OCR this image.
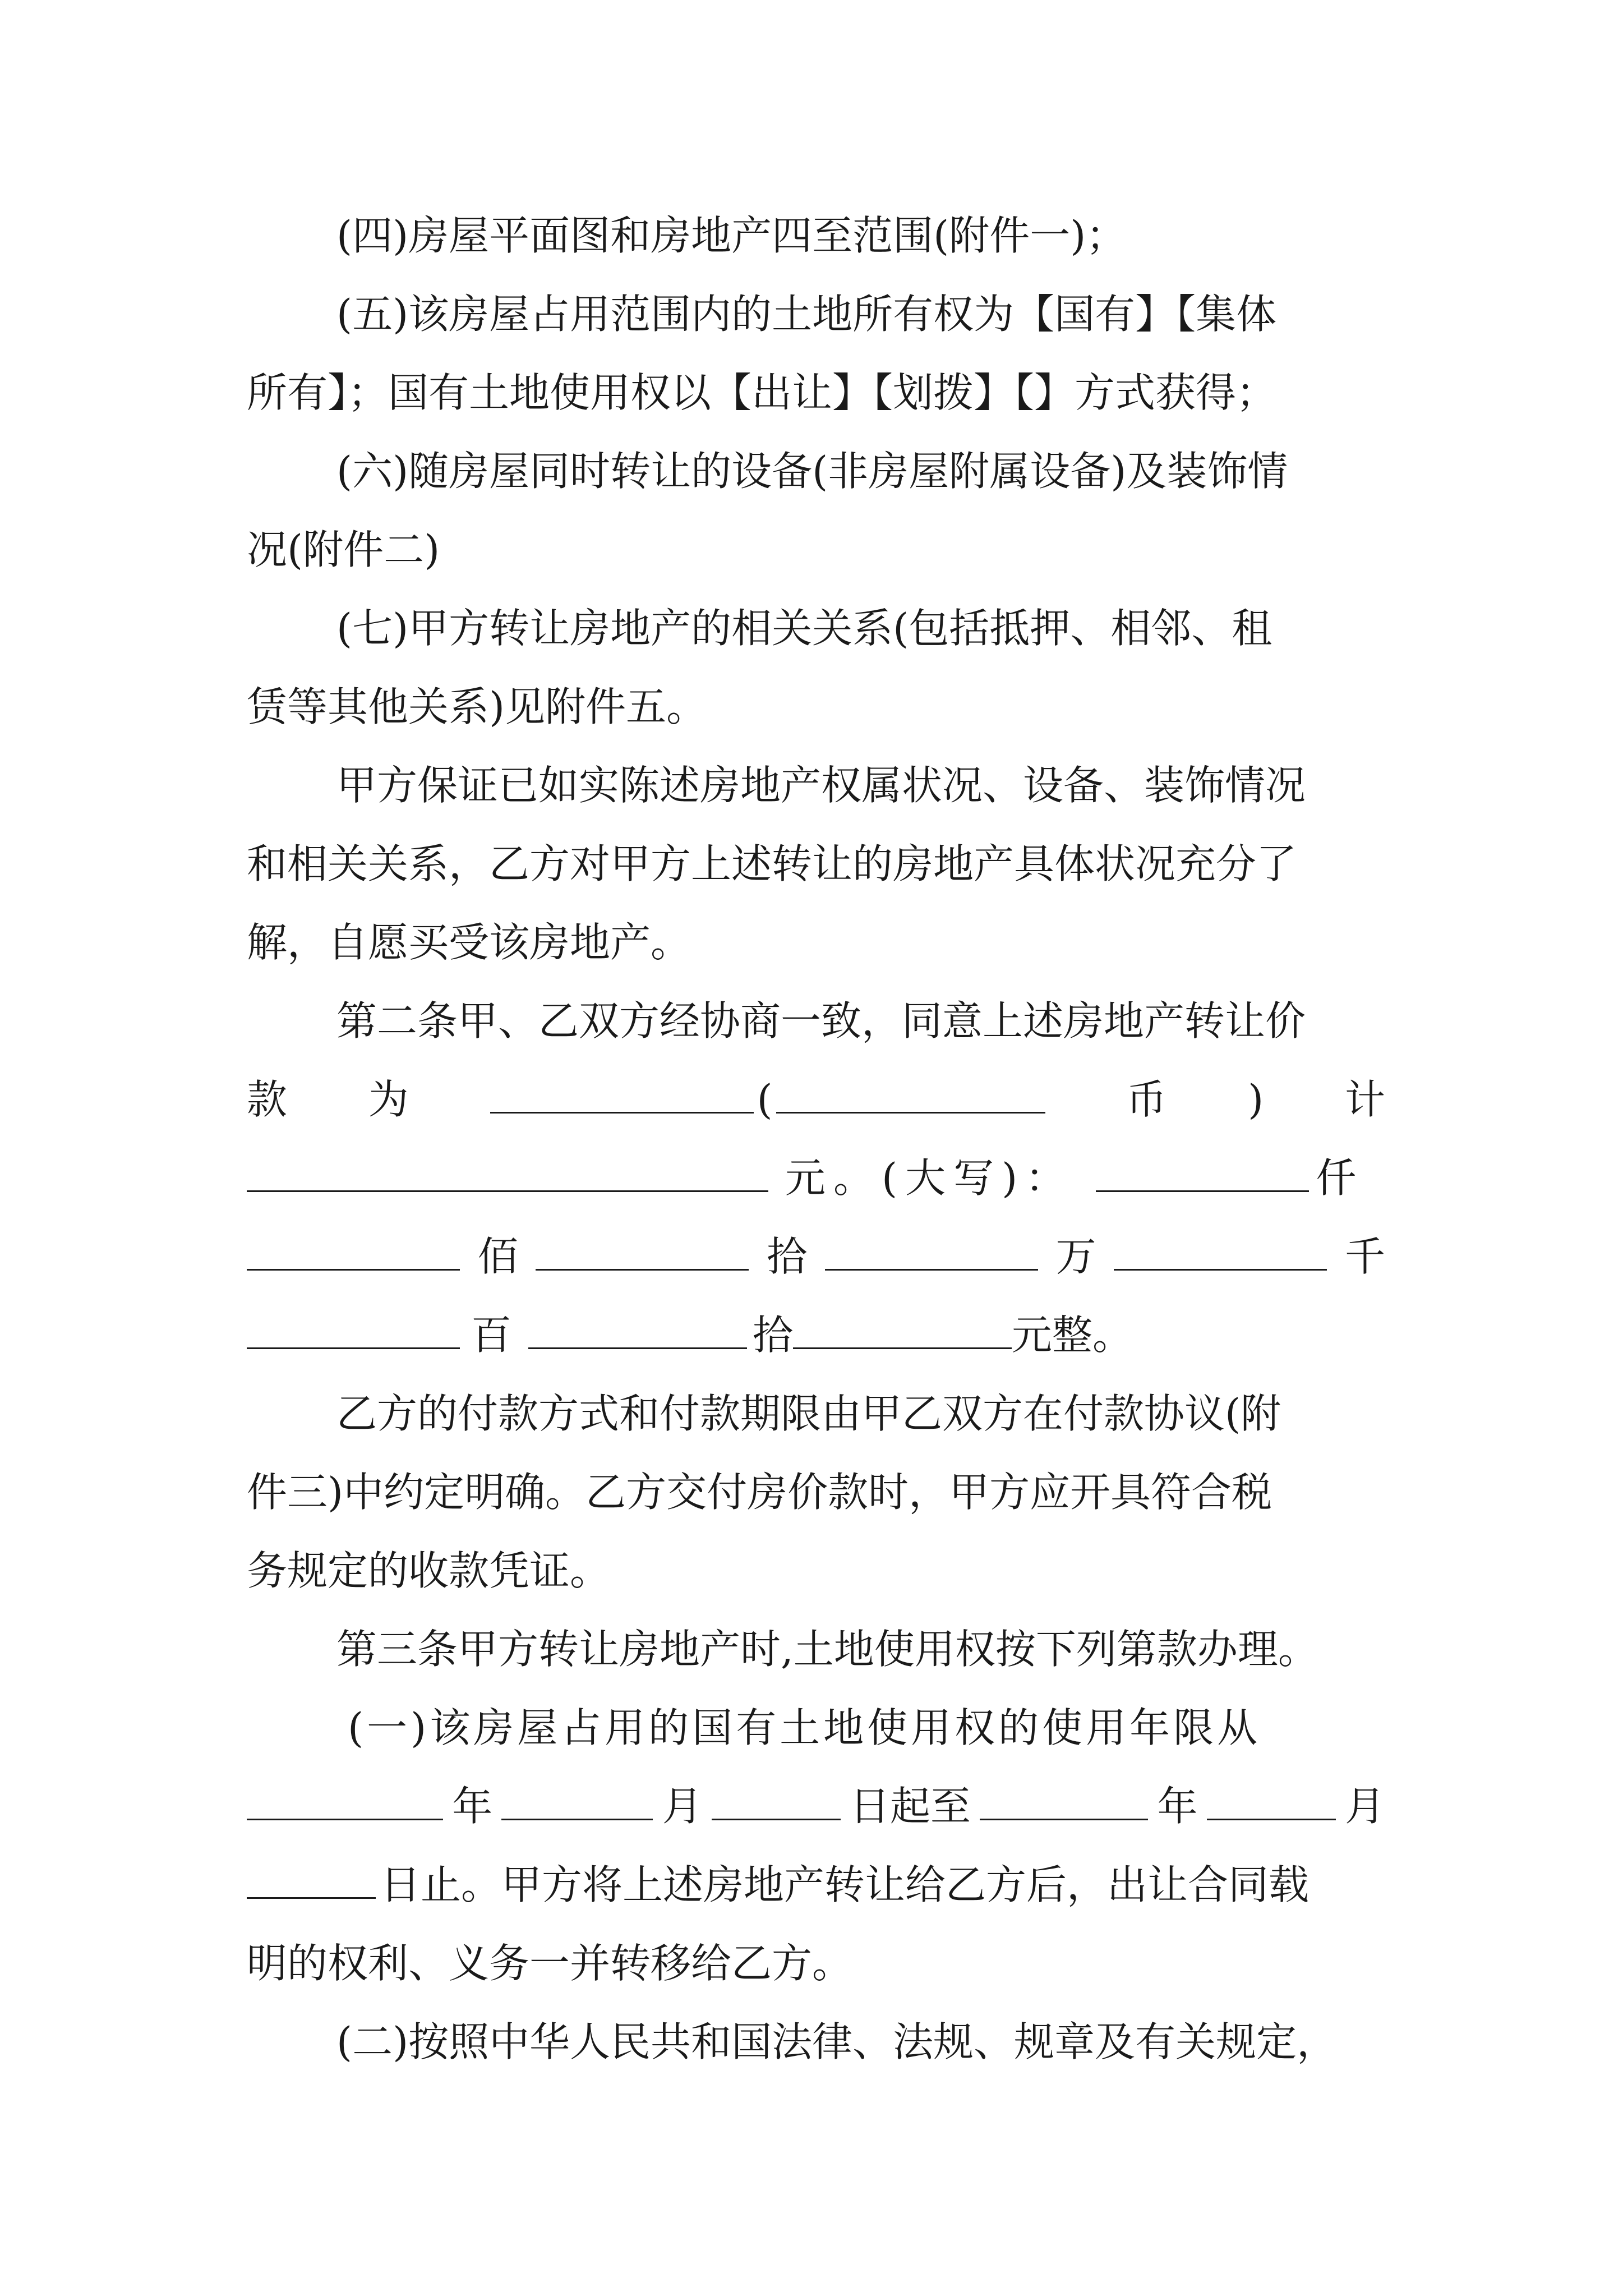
(四)房屋平面图和房地产四至范围(附件一)；
(五)该房屋占用范围内的土地所有权为【国有】【集体
所有】；国有土地使用权以【出让】【划拨】【】方式获得；
(六)随房屋同时转让的设备(非房屋附属设备)及装饰情
况(附件二)
(七)甲方转让房地产的相关关系(包括抵押、相邻、租
赁等其他关系)见附件五。
甲方保证已如实陈述房地产权属状况、设备、装饰情况
和相关关系，乙方对甲方上述转让的房地产具体状况充分了
解，自愿买受该房地产。
第二条甲、乙双方经协商一致，同意上述房地产转让价
款 为	(	币 ) 计
元。(大写)：	仟
佰	拾	万	千
百	拾	元整。
乙方的付款方式和付款期限由甲乙双方在付款协议(附
件三)中约定明确。乙方交付房价款时，甲方应开具符合税
务规定的收款凭证。
第三条甲方转让房地产时,土地使用权按下列第款办理。
(一)该房屋占用的国有土地使用权的使用年限从
年	月	日起至	年	月
日止。甲方将上述房地产转让给乙方后，出让合同载
明的权利、义务一并转移给乙方。
(二)按照中华人民共和国法律、法规、规章及有关规定，
